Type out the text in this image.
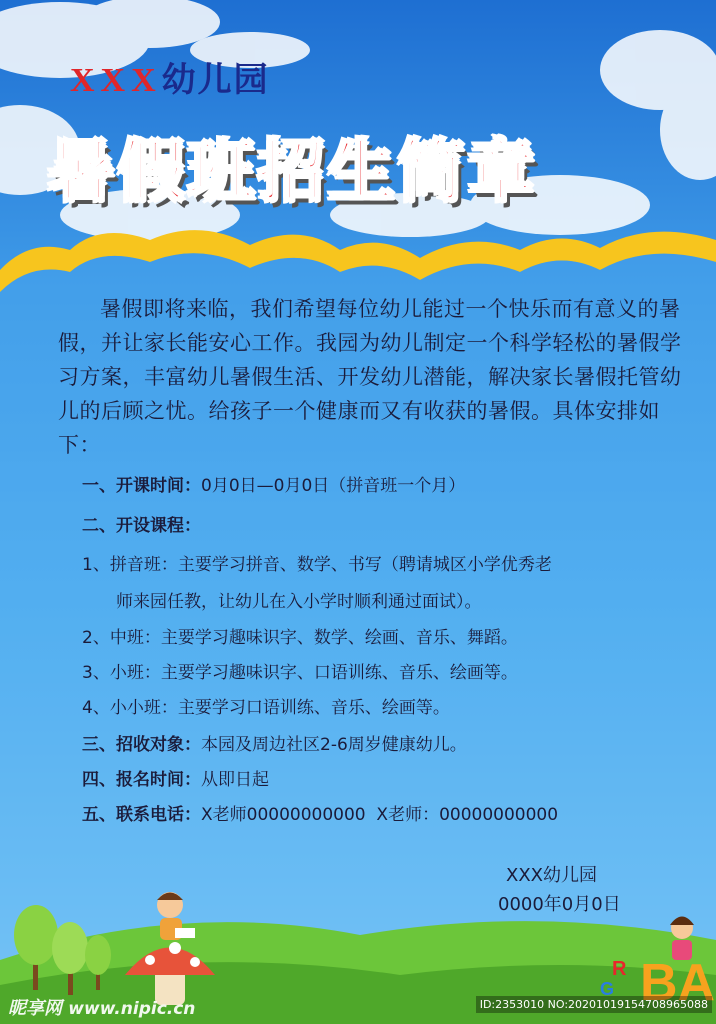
BA
R
G
XXX幼儿园
暑假班招生简章
暑假即将来临，我们希望每位幼儿能过一个快乐而有意义的暑假，并让家长能安心工作。我园为幼儿制定一个科学轻松的暑假学习方案，丰富幼儿暑假生活、开发幼儿潜能，解决家长暑假托管幼儿的后顾之忧。给孩子一个健康而又有收获的暑假。具体安排如下：
一、开课时间：0月0日—0月0日（拼音班一个月）
二、开设课程：
1、拼音班：主要学习拼音、数学、书写（聘请城区小学优秀老
师来园任教，让幼儿在入小学时顺利通过面试）。
2、中班：主要学习趣味识字、数学、绘画、音乐、舞蹈。
3、小班：主要学习趣味识字、口语训练、音乐、绘画等。
4、小小班：主要学习口语训练、音乐、绘画等。
三、招收对象：本园及周边社区2-6周岁健康幼儿。
四、报名时间：从即日起
五、联系电话：X老师00000000000  X老师：00000000000
XXX幼儿园
0000年0月0日
昵享网 www.nipic.cn	ID:2353010 NO:20201019154708965088
